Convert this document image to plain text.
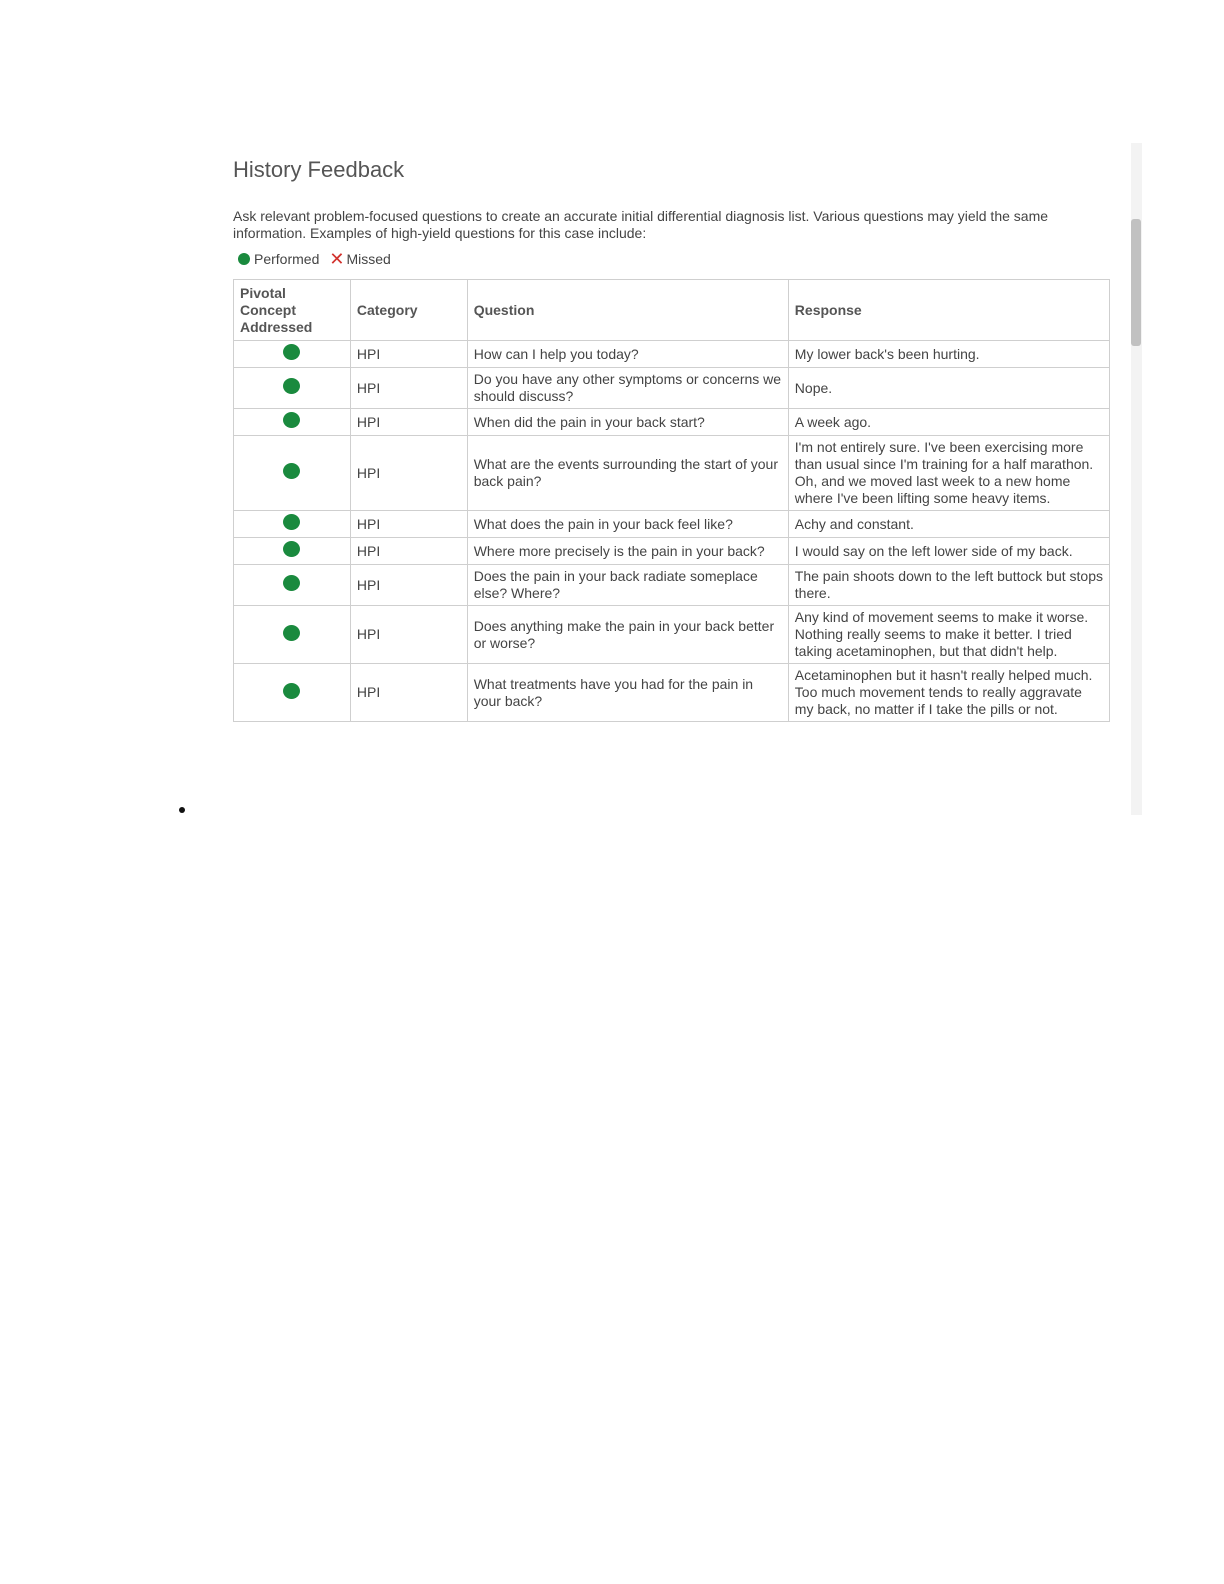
History Feedback

Ask relevant problem-focused questions to create an accurate initial differential diagnosis list. Various questions may yield the same information. Examples of high-yield questions for this case include:

Performed ✕ Missed
Pivotal Concept Addressed	Category	Question	Response
	HPI	How can I help you today?	My lower back's been hurting.
	HPI	Do you have any other symptoms or concerns we should discuss?	Nope.
	HPI	When did the pain in your back start?	A week ago.
	HPI	What are the events surrounding the start of your back pain?	I'm not entirely sure. I've been exercising more than usual since I'm training for a half marathon. Oh, and we moved last week to a new home where I've been lifting some heavy items.
	HPI	What does the pain in your back feel like?	Achy and constant.
	HPI	Where more precisely is the pain in your back?	I would say on the left lower side of my back.
	HPI	Does the pain in your back radiate someplace else? Where?	The pain shoots down to the left buttock but stops there.
	HPI	Does anything make the pain in your back better or worse?	Any kind of movement seems to make it worse. Nothing really seems to make it better. I tried taking acetaminophen, but that didn't help.
	HPI	What treatments have you had for the pain in your back?	Acetaminophen but it hasn't really helped much. Too much movement tends to really aggravate my back, no matter if I take the pills or not.
